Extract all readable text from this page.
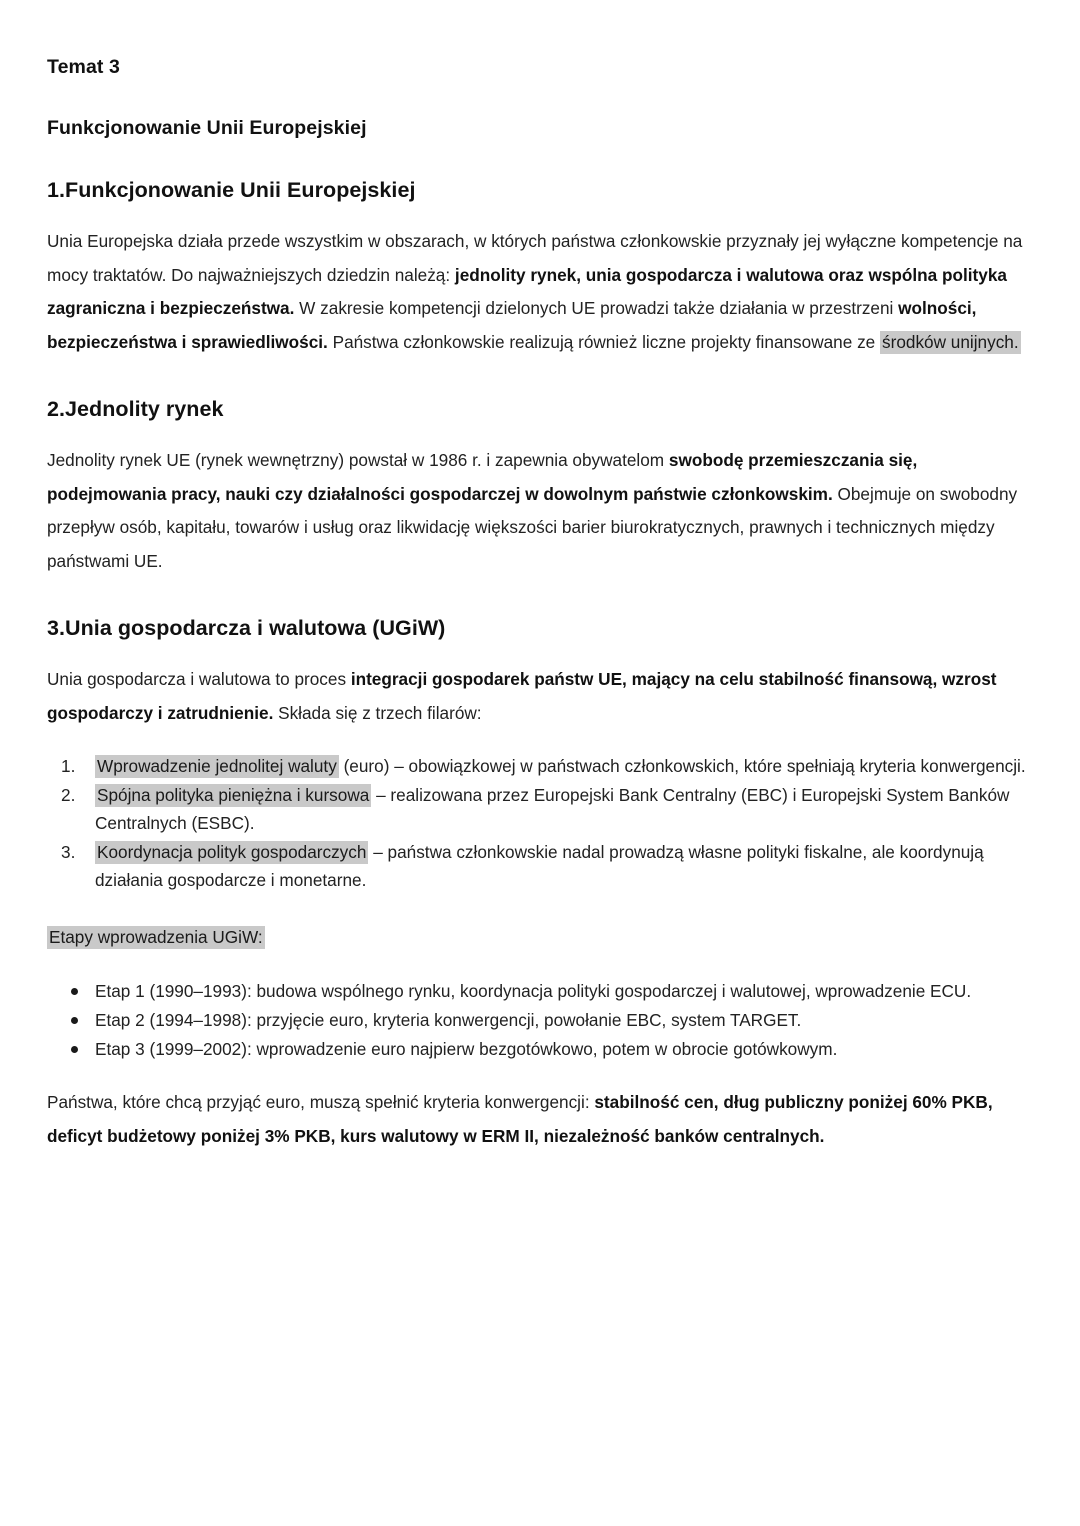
Temat 3
Funkcjonowanie Unii Europejskiej
1.Funkcjonowanie Unii Europejskiej

Unia Europejska działa przede wszystkim w obszarach, w których państwa członkowskie przyznały jej wyłączne kompetencje na mocy traktatów. Do najważniejszych dziedzin należą: jednolity rynek, unia gospodarcza i walutowa oraz wspólna polityka zagraniczna i bezpieczeństwa. W zakresie kompetencji dzielonych UE prowadzi także działania w przestrzeni wolności, bezpieczeństwa i sprawiedliwości. Państwa członkowskie realizują również liczne projekty finansowane ze środków unijnych.

2.Jednolity rynek

Jednolity rynek UE (rynek wewnętrzny) powstał w 1986 r. i zapewnia obywatelom swobodę przemieszczania się, podejmowania pracy, nauki czy działalności gospodarczej w dowolnym państwie członkowskim. Obejmuje on swobodny przepływ osób, kapitału, towarów i usług oraz likwidację większości barier biurokratycznych, prawnych i technicznych między państwami UE.

3.Unia gospodarcza i walutowa (UGiW)

Unia gospodarcza i walutowa to proces integracji gospodarek państw UE, mający na celu stabilność finansową, wzrost gospodarczy i zatrudnienie. Składa się z trzech filarów:

Wprowadzenie jednolitej waluty (euro) – obowiązkowej w państwach członkowskich, które spełniają kryteria konwergencji.
Spójna polityka pieniężna i kursowa – realizowana przez Europejski Bank Centralny (EBC) i Europejski System Banków Centralnych (ESBC).
Koordynacja polityk gospodarczych – państwa członkowskie nadal prowadzą własne polityki fiskalne, ale koordynują działania gospodarcze i monetarne.
Etapy wprowadzenia UGiW:
Etap 1 (1990–1993): budowa wspólnego rynku, koordynacja polityki gospodarczej i walutowej, wprowadzenie ECU.
Etap 2 (1994–1998): przyjęcie euro, kryteria konwergencji, powołanie EBC, system TARGET.
Etap 3 (1999–2002): wprowadzenie euro najpierw bezgotówkowo, potem w obrocie gotówkowym.

Państwa, które chcą przyjąć euro, muszą spełnić kryteria konwergencji: stabilność cen, dług publiczny poniżej 60% PKB, deficyt budżetowy poniżej 3% PKB, kurs walutowy w ERM II, niezależność banków centralnych.
